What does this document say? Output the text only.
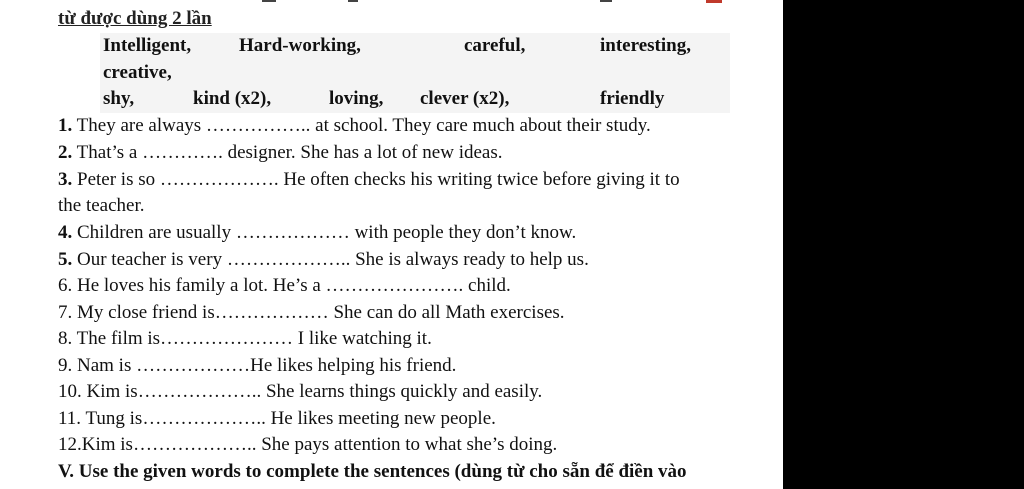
từ được dùng 2 lần
Intelligent,	Hard-working,	careful,	interesting,
creative,
shy,	kind (x2),	loving, clever (x2),	friendly
1. They are always …………….. at school. They care much about their study.
2. That’s a …………. designer. She has a lot of new ideas.
3. Peter is so ………………. He often checks his writing twice before giving it to
the teacher.
4. Children are usually ……………… with people they don’t know.
5. Our teacher is very ……………….. She is always ready to help us.
6. He loves his family a lot. He’s a …………………. child.
7. My close friend is……………… She can do all Math exercises.
8. The film is………………… I like watching it.
9. Nam is ………………He likes helping his friend.
10. Kim is……………….. She learns things quickly and easily.
11. Tung is……………….. He likes meeting new people.
12.Kim is……………….. She pays attention to what she’s doing.
V. Use the given words to complete the sentences (dùng từ cho sẵn để điền vào
